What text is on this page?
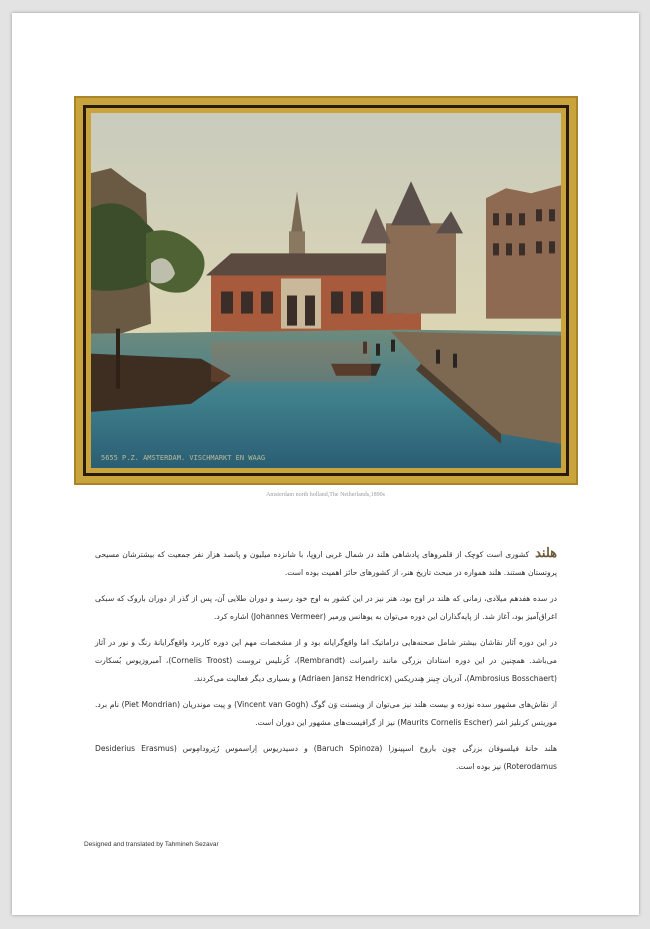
5655 P.Z. AMSTERDAM. VISCHMARKT EN WAAG
Amsterdam north holland,The Netherlands,1890s

هلند کشوری است کوچک از قلمروهای پادشاهی هلند در شمال غربی اروپا، با شانزده میلیون و پانصد هزار نفر جمعیت که بیشترشان مسیحی پروتستان هستند. هلند همواره در مبحث تاریخ هنر، از کشورهای حائز اهمیت بوده است.

در سده هفدهم میلادی، زمانی که هلند در اوج بود، هنر نیز در این کشور به اوج خود رسید و دوران طلایی آن، پس از گذر از دوران باروک که سبکی اغراق‌آمیز بود، آغاز شد. از پایه‌گذاران این دوره می‌توان به یوهانس ورمیر (Johannes Vermeer) اشاره کرد.

در این دوره آثار نقاشان بیشتر شامل صحنه‌هایی دراماتیک اما واقع‌گرایانه بود و از مشخصات مهم این دوره کاربرد واقع‌گرایانهٔ رنگ و نور در آثار می‌باشد. همچنین در این دوره استادان بزرگی مانند رامبرانت (Rembrandt)، کُرنلیس تروست (Cornelis Troost)، آمبروزیوس بُسکارت (Ambrosius Bosschaert)، آدریان جِینز هِندریکس (Adriaen Jansz Hendricx) و بسیاری دیگر فعالیت می‌کردند.

از نقاش‌های مشهور سده نوزده و بیست هلند نیز می‌توان از وینسنت وَن گوگ (Vincent van Gogh) و پیت موندریان (Piet Mondrian) نام برد. موریتس کرنلیز اشر (Maurits Cornelis Escher) نیز از گرافیست‌های مشهور این دوران است.

هلند خانهٔ فیلسوفان بزرگی چون باروخ اسپینوزا (Baruch Spinoza) و دسیدریوس اِراسموس رُتِرودامِوس (Desiderius Erasmus Roterodamus) نیز بوده است.

Designed and translated by Tahmineh Sezavar
